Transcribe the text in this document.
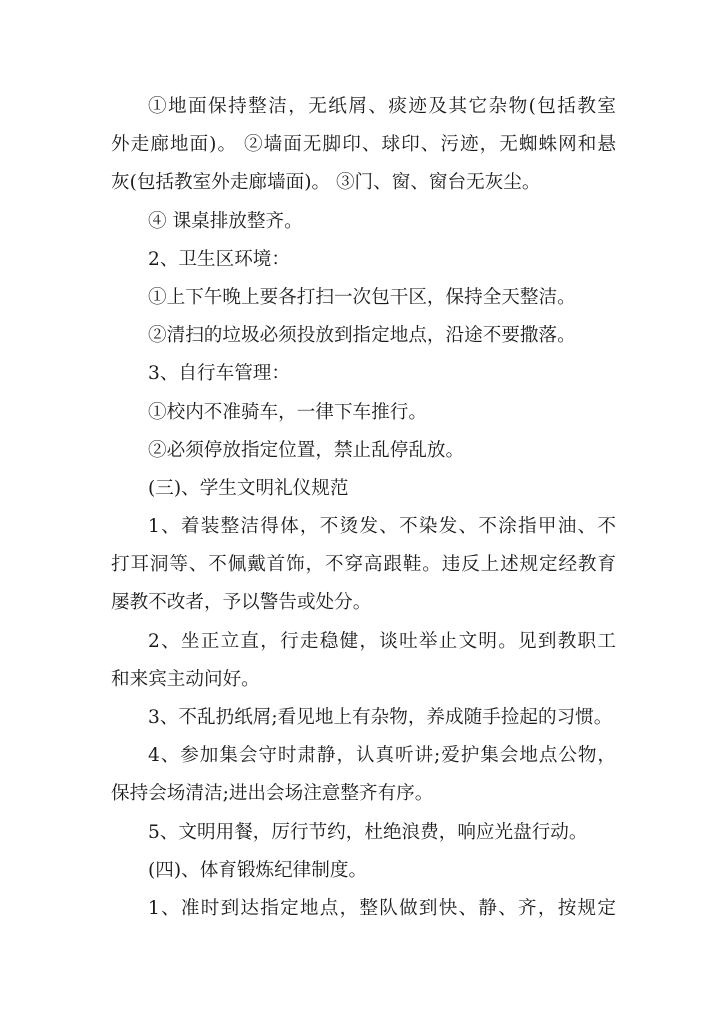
①地面保持整洁，无纸屑、痰迹及其它杂物(包括教室
外走廊地面)。 ②墙面无脚印、球印、污迹，无蜘蛛网和悬
灰(包括教室外走廊墙面)。 ③门、窗、窗台无灰尘。
④ 课桌排放整齐。
2、卫生区环境：
①上下午晚上要各打扫一次包干区，保持全天整洁。
②清扫的垃圾必须投放到指定地点，沿途不要撒落。
3、自行车管理：
①校内不准骑车，一律下车推行。
②必须停放指定位置，禁止乱停乱放。
(三)、学生文明礼仪规范
1、着装整洁得体，不烫发、不染发、不涂指甲油、不
打耳洞等、不佩戴首饰，不穿高跟鞋。违反上述规定经教育
屡教不改者，予以警告或处分。
2、坐正立直，行走稳健，谈吐举止文明。见到教职工
和来宾主动问好。
3、不乱扔纸屑;看见地上有杂物，养成随手捡起的习惯。
4、参加集会守时肃静，认真听讲;爱护集会地点公物，
保持会场清洁;进出会场注意整齐有序。
5、文明用餐，厉行节约，杜绝浪费，响应光盘行动。
(四)、体育锻炼纪律制度。
1、准时到达指定地点，整队做到快、静、齐，按规定
